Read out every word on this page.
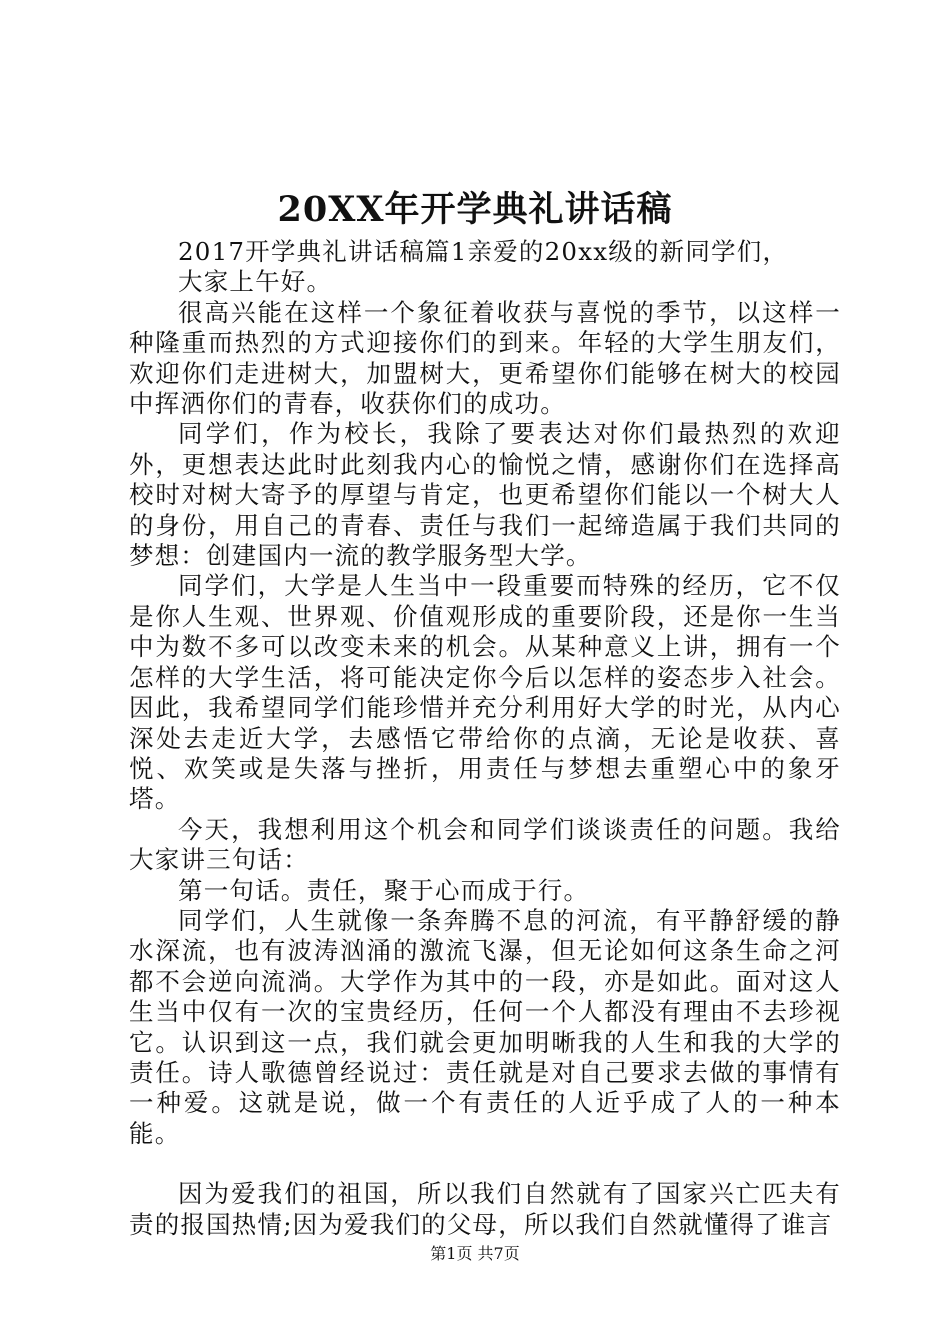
20XX年开学典礼讲话稿

2017开学典礼讲话稿篇1亲爱的20xx级的新同学们，

大家上午好。

很高兴能在这样一个象征着收获与喜悦的季节，以这样一种隆重而热烈的方式迎接你们的到来。年轻的大学生朋友们，欢迎你们走进树大，加盟树大，更希望你们能够在树大的校园中挥洒你们的青春，收获你们的成功。

同学们，作为校长，我除了要表达对你们最热烈的欢迎外，更想表达此时此刻我内心的愉悦之情，感谢你们在选择高校时对树大寄予的厚望与肯定，也更希望你们能以一个树大人的身份，用自己的青春、责任与我们一起缔造属于我们共同的梦想：创建国内一流的教学服务型大学。

同学们，大学是人生当中一段重要而特殊的经历，它不仅是你人生观、世界观、价值观形成的重要阶段，还是你一生当中为数不多可以改变未来的机会。从某种意义上讲，拥有一个怎样的大学生活，将可能决定你今后以怎样的姿态步入社会。因此，我希望同学们能珍惜并充分利用好大学的时光，从内心深处去走近大学，去感悟它带给你的点滴，无论是收获、喜悦、欢笑或是失落与挫折，用责任与梦想去重塑心中的象牙塔。

今天，我想利用这个机会和同学们谈谈责任的问题。我给大家讲三句话：

第一句话。责任，聚于心而成于行。

同学们，人生就像一条奔腾不息的河流，有平静舒缓的静水深流，也有波涛汹涌的激流飞瀑，但无论如何这条生命之河都不会逆向流淌。大学作为其中的一段，亦是如此。面对这人生当中仅有一次的宝贵经历，任何一个人都没有理由不去珍视它。认识到这一点，我们就会更加明晰我的人生和我的大学的责任。诗人歌德曾经说过：责任就是对自己要求去做的事情有一种爱。这就是说，做一个有责任的人近乎成了人的一种本能。

因为爱我们的祖国，所以我们自然就有了国家兴亡匹夫有责的报国热情;因为爱我们的父母，所以我们自然就懂得了谁言

第1页 共7页
